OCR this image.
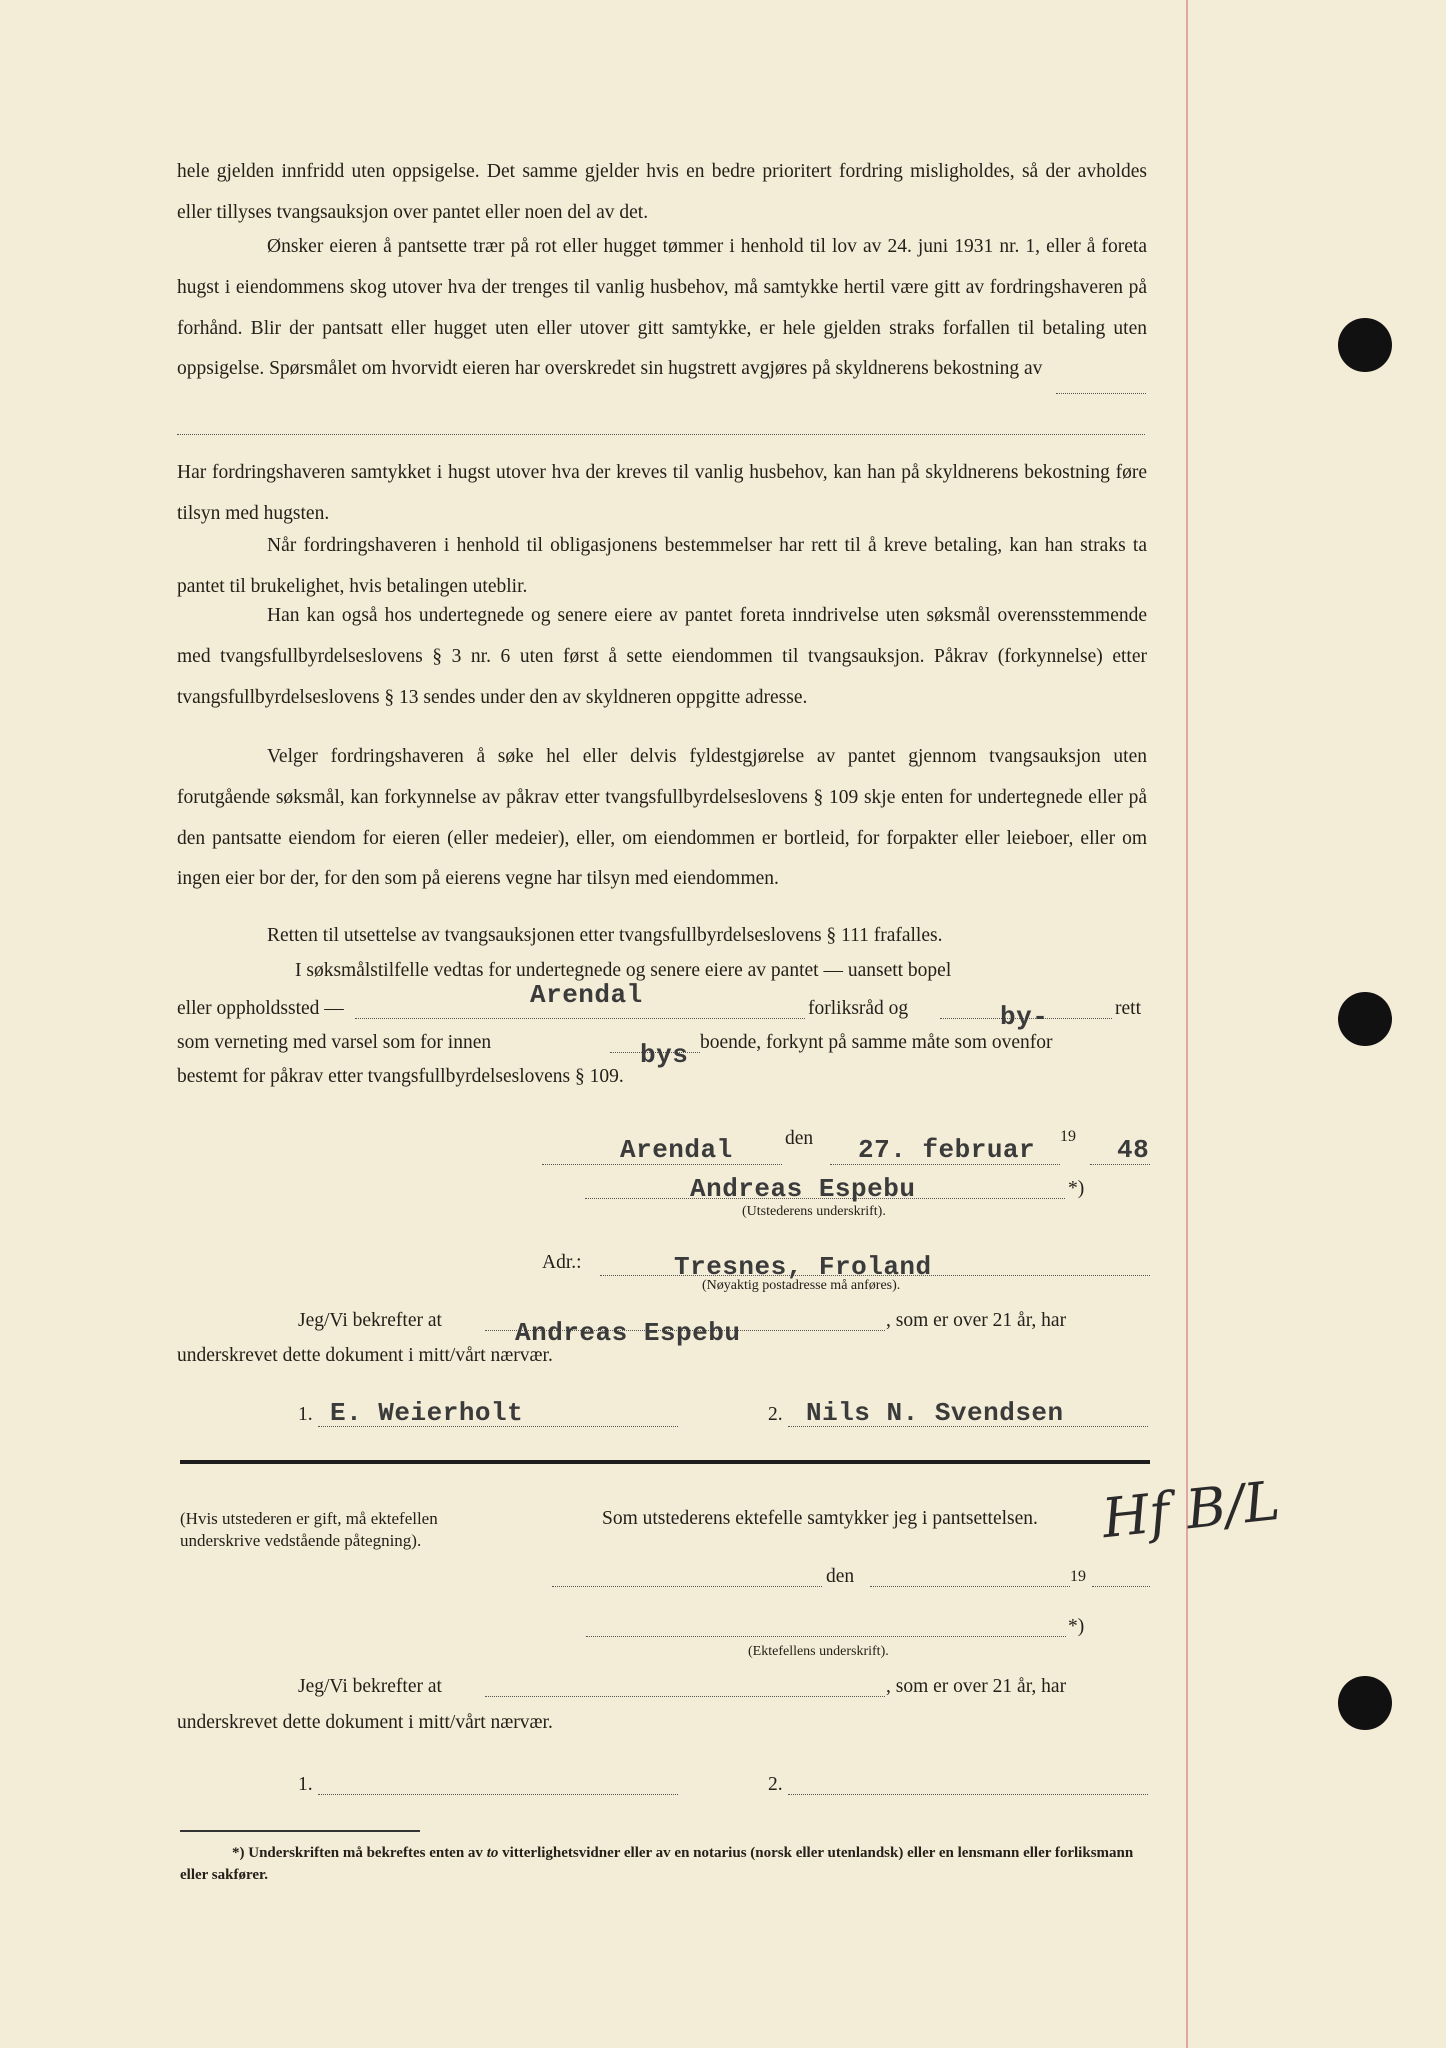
hele gjelden innfridd uten oppsigelse. Det samme gjelder hvis en bedre prioritert fordring misligholdes, så der avholdes eller tillyses tvangsauksjon over pantet eller noen del av det.

Ønsker eieren å pantsette trær på rot eller hugget tømmer i henhold til lov av 24. juni 1931 nr. 1, eller å foreta hugst i eiendommens skog utover hva der trenges til vanlig husbehov, må samtykke hertil være gitt av fordringshaveren på forhånd. Blir der pantsatt eller hugget uten eller utover gitt samtykke, er hele gjelden straks forfallen til betaling uten oppsigelse. Spørsmålet om hvorvidt eieren har overskredet sin hugstrett avgjøres på skyldnerens bekostning av

Har fordringshaveren samtykket i hugst utover hva der kreves til vanlig husbehov, kan han på skyldnerens bekostning føre tilsyn med hugsten.

Når fordringshaveren i henhold til obligasjonens bestemmelser har rett til å kreve betaling, kan han straks ta pantet til brukelighet, hvis betalingen uteblir.

Han kan også hos undertegnede og senere eiere av pantet foreta inndrivelse uten søksmål overensstemmende med tvangsfullbyrdelseslovens § 3 nr. 6 uten først å sette eiendommen til tvangsauksjon. Påkrav (forkynnelse) etter tvangsfullbyrdelseslovens § 13 sendes under den av skyldneren oppgitte adresse.

Velger fordringshaveren å søke hel eller delvis fyldestgjørelse av pantet gjennom tvangsauksjon uten forutgående søksmål, kan forkynnelse av påkrav etter tvangsfullbyrdelseslovens § 109 skje enten for undertegnede eller på den pantsatte eiendom for eieren (eller medeier), eller, om eiendommen er bortleid, for forpakter eller leieboer, eller om ingen eier bor der, for den som på eierens vegne har tilsyn med eiendommen.

Retten til utsettelse av tvangsauksjonen etter tvangsfullbyrdelseslovens § 111 frafalles.

I søksmålstilfelle vedtas for undertegnede og senere eiere av pantet — uansett bopel

eller oppholdssted —	Arendal	forliksråd og	by-	rett
som verneting med varsel som for innen	bys boende, forkynt på samme måte som ovenfor
bestemt for påkrav etter tvangsfullbyrdelseslovens § 109.
Arendal	den 27. februar 19 48
Andreas Espebu	*)
(Utstederens underskrift).
Adr.:	Tresnes, Froland
(Nøyaktig postadresse må anføres).
Jeg/Vi bekrefter at	Andreas Espebu	, som er over 21 år, har
underskrevet dette dokument i mitt/vårt nærvær.
1. E. Weierholt	2. Nils N. Svendsen

(Hvis utstederen er gift, må ektefellen underskrive vedstående påtegning).

Som utstederens ektefelle samtykker jeg i pantsettelsen. Hf B/L
den	19
*)
(Ektefellens underskrift).
Jeg/Vi bekrefter at	, som er over 21 år, har
underskrevet dette dokument i mitt/vårt nærvær.
1.	2.

*) Underskriften må bekreftes enten av to vitterlighetsvidner eller av en notarius (norsk eller utenlandsk) eller en lensmann eller forliksmann eller sakfører.
